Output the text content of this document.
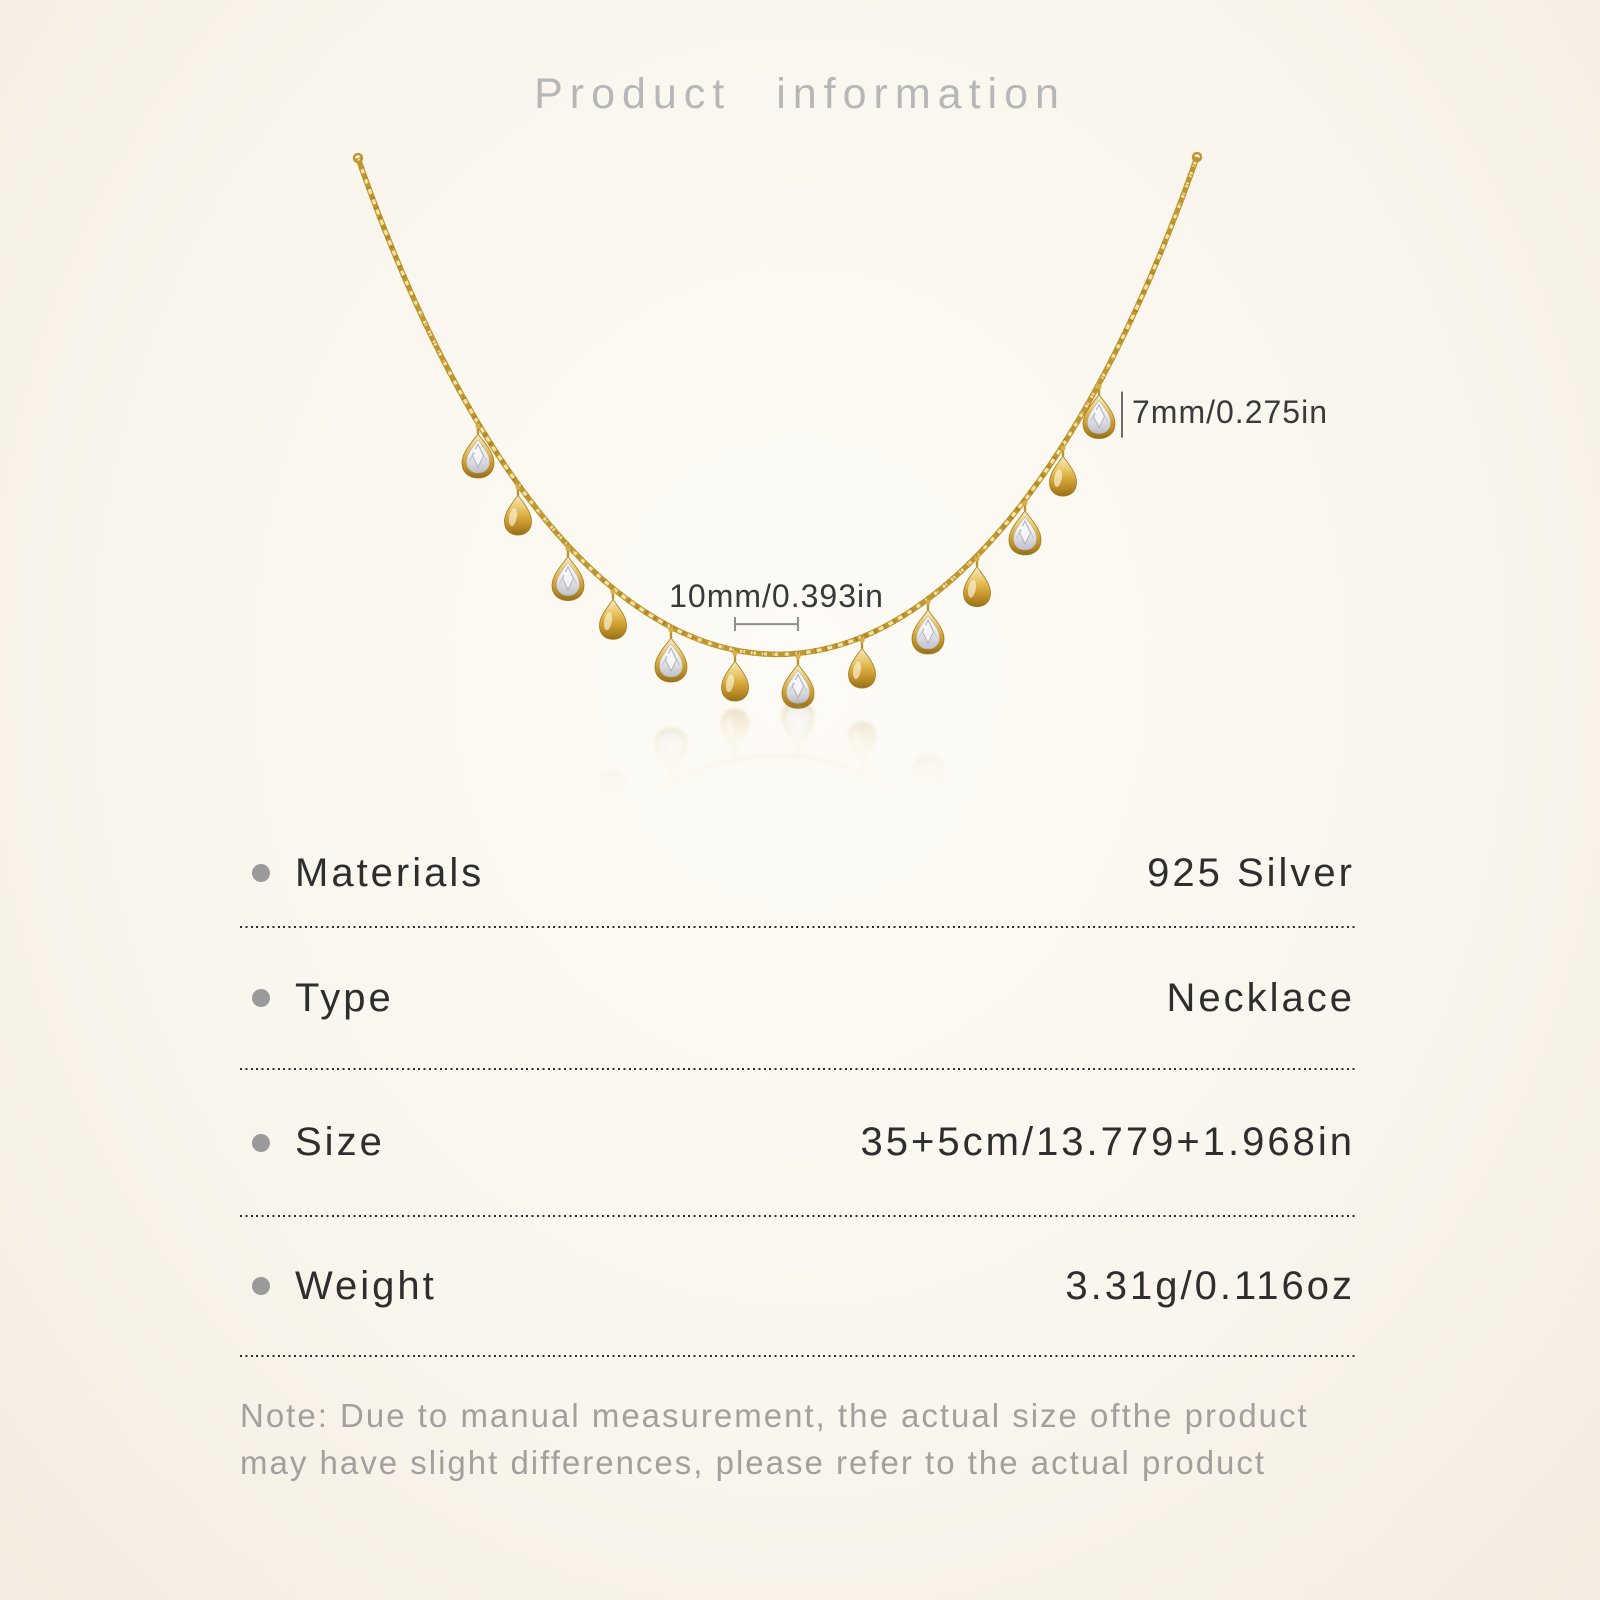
Product information
7mm/0.275in
10mm/0.393in
Materials	925 Silver
Type	Necklace
Size	35+5cm/13.779+1.968in
Weight	3.31g/0.116oz
Note: Due to manual measurement, the actual size ofthe product
may have slight differences, please refer to the actual product
